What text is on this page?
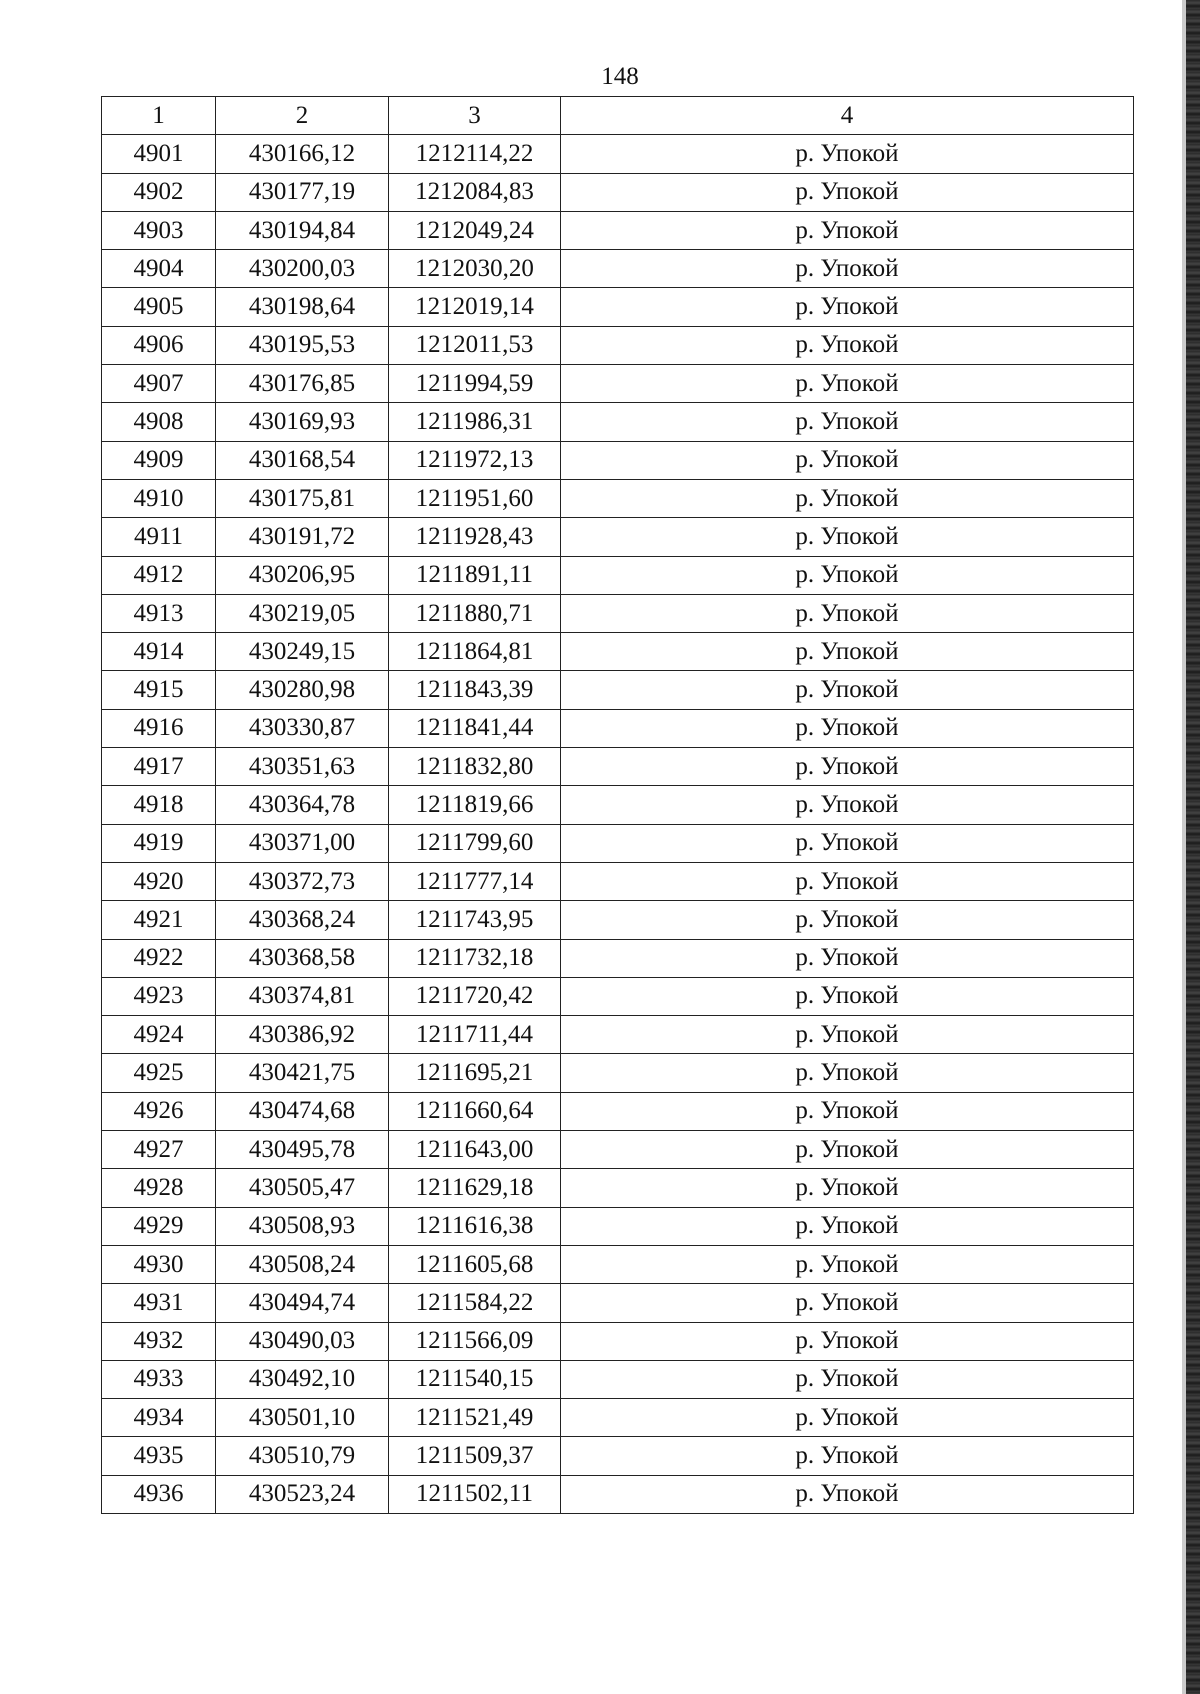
148
1	2	3	4
4901	430166,12	1212114,22	р. Упокой
4902	430177,19	1212084,83	р. Упокой
4903	430194,84	1212049,24	р. Упокой
4904	430200,03	1212030,20	р. Упокой
4905	430198,64	1212019,14	р. Упокой
4906	430195,53	1212011,53	р. Упокой
4907	430176,85	1211994,59	р. Упокой
4908	430169,93	1211986,31	р. Упокой
4909	430168,54	1211972,13	р. Упокой
4910	430175,81	1211951,60	р. Упокой
4911	430191,72	1211928,43	р. Упокой
4912	430206,95	1211891,11	р. Упокой
4913	430219,05	1211880,71	р. Упокой
4914	430249,15	1211864,81	р. Упокой
4915	430280,98	1211843,39	р. Упокой
4916	430330,87	1211841,44	р. Упокой
4917	430351,63	1211832,80	р. Упокой
4918	430364,78	1211819,66	р. Упокой
4919	430371,00	1211799,60	р. Упокой
4920	430372,73	1211777,14	р. Упокой
4921	430368,24	1211743,95	р. Упокой
4922	430368,58	1211732,18	р. Упокой
4923	430374,81	1211720,42	р. Упокой
4924	430386,92	1211711,44	р. Упокой
4925	430421,75	1211695,21	р. Упокой
4926	430474,68	1211660,64	р. Упокой
4927	430495,78	1211643,00	р. Упокой
4928	430505,47	1211629,18	р. Упокой
4929	430508,93	1211616,38	р. Упокой
4930	430508,24	1211605,68	р. Упокой
4931	430494,74	1211584,22	р. Упокой
4932	430490,03	1211566,09	р. Упокой
4933	430492,10	1211540,15	р. Упокой
4934	430501,10	1211521,49	р. Упокой
4935	430510,79	1211509,37	р. Упокой
4936	430523,24	1211502,11	р. Упокой
